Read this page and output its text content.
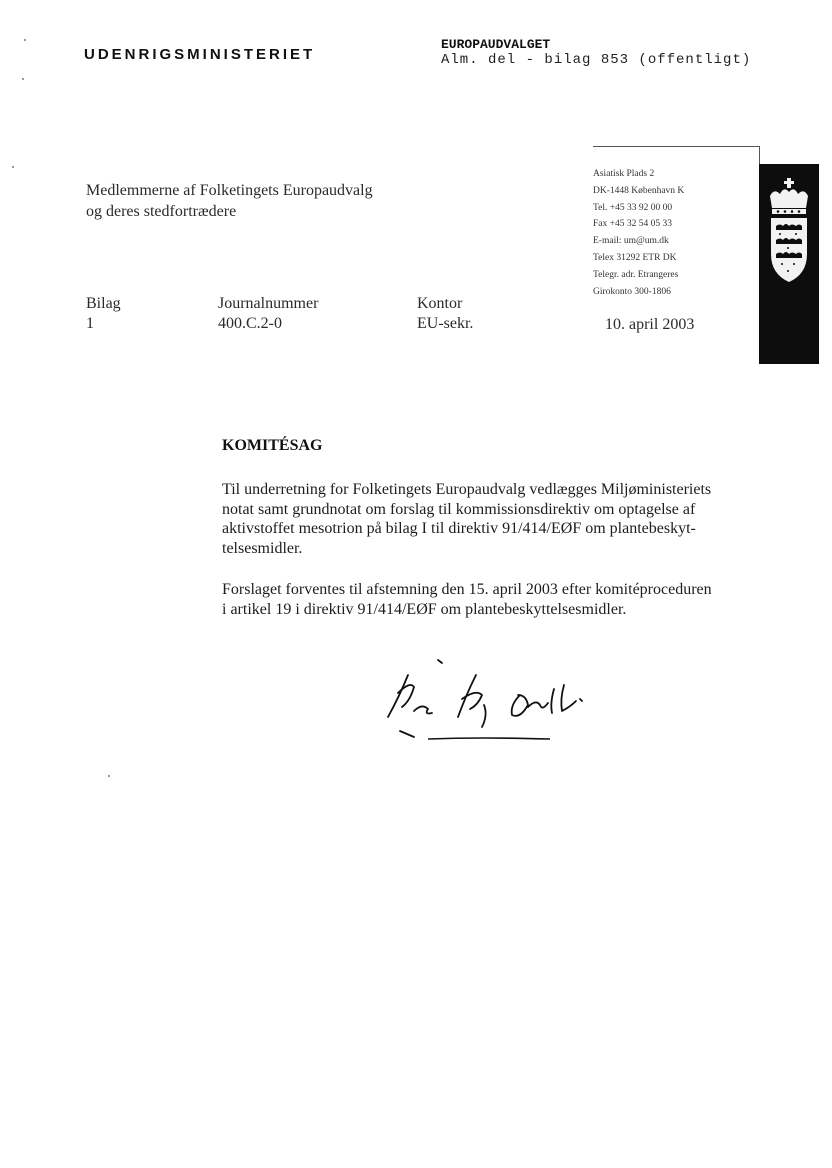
UDENRIGSMINISTERIET
EUROPAUDVALGET
Alm. del - bilag 853 (offentligt)
Medlemmerne af Folketingets Europaudvalg
og deres stedfortrædere
Asiatisk Plads 2
DK-1448 København K
Tel. +45 33 92 00 00
Fax +45 32 54 05 33
E-mail: um@um.dk
Telex 31292 ETR DK
Telegr. adr. Etrangeres
Girokonto 300-1806
Bilag
1
Journalnummer
400.C.2-0
Kontor
EU-sekr.	10. april 2003
KOMITÉSAG
Til underretning for Folketingets Europaudvalg vedlægges Miljøministeriets
notat samt grundnotat om forslag til kommissionsdirektiv om optagelse af
aktivstoffet mesotrion på bilag I til direktiv 91/414/EØF om plantebeskyt-
telsesmidler.
Forslaget forventes til afstemning den 15. april 2003 efter komitéproceduren
i artikel 19 i direktiv 91/414/EØF om plantebeskyttelsesmidler.
